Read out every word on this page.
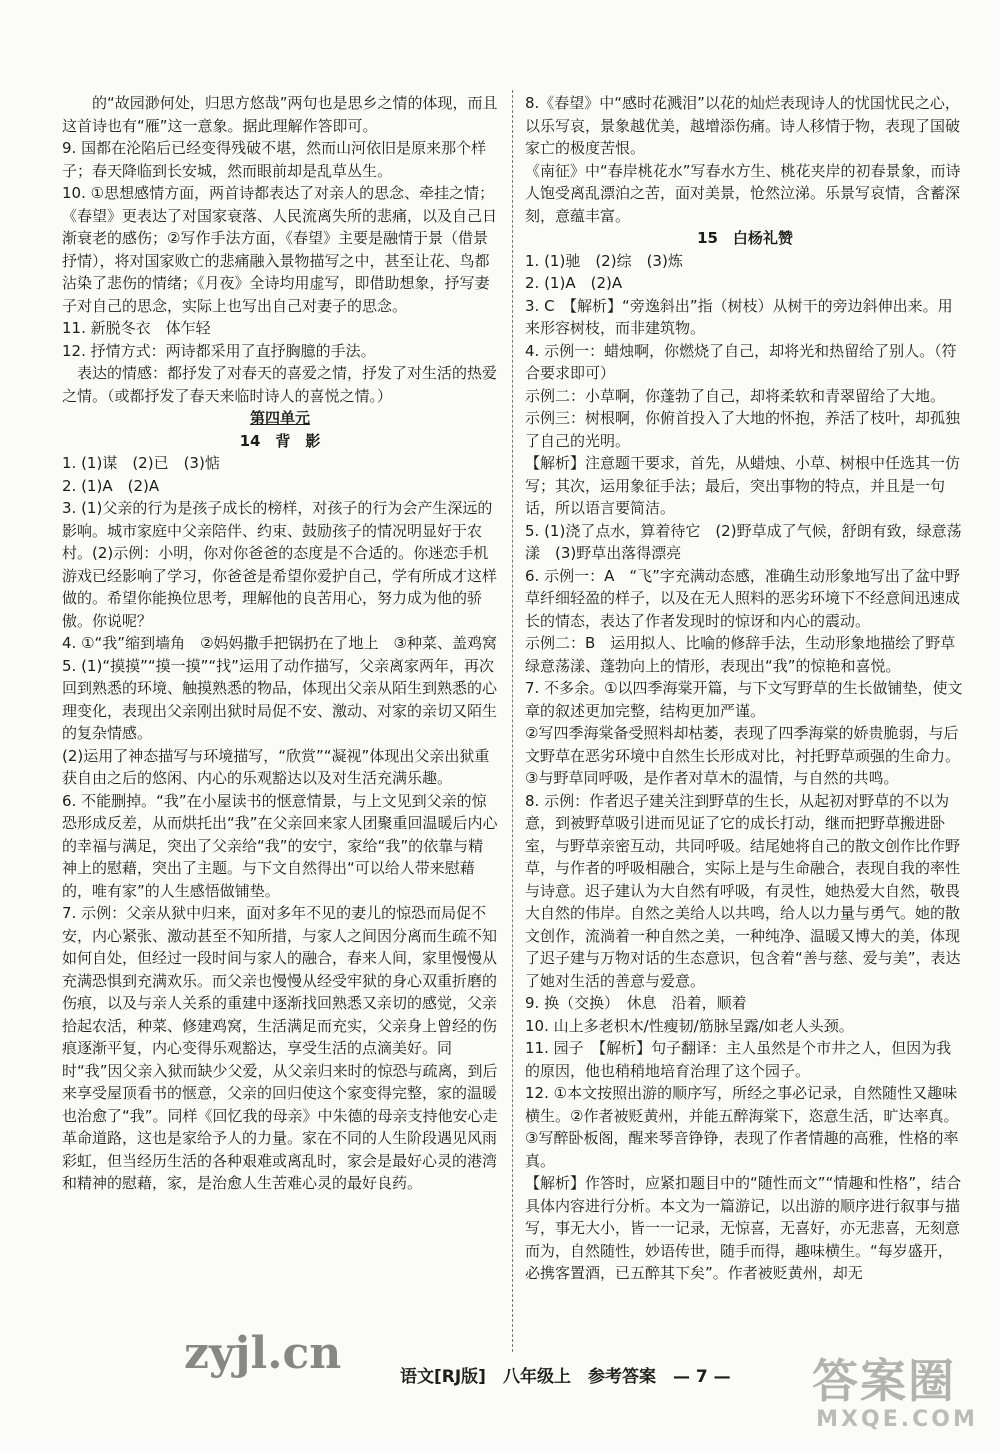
　　的“故园渺何处，归思方悠哉”两句也是思乡之情的体现，而且
这首诗也有“雁”这一意象。据此理解作答即可。
9. 国都在沦陷后已经变得残破不堪，然而山河依旧是原来那个样子；春天降临到长安城，然而眼前却是乱草丛生。
10. ①思想感情方面，两首诗都表达了对亲人的思念、牵挂之情；《春望》更表达了对国家衰落、人民流离失所的悲痛，以及自己日渐衰老的感伤；②写作手法方面，《春望》主要是融情于景（借景抒情），将对国家败亡的悲痛融入景物描写之中，甚至让花、鸟都沾染了悲伤的情绪；《月夜》全诗均用虚写，即借助想象，抒写妻子对自己的思念，实际上也写出自己对妻子的思念。
11. 新脱冬衣　体乍轻
12. 抒情方式：两诗都采用了直抒胸臆的手法。
　表达的情感：都抒发了对春天的喜爱之情，抒发了对生活的热爱之情。（或都抒发了春天来临时诗人的喜悦之情。）
第四单元
14　背　影
1. (1)谋　(2)已　(3)惦
2. (1)A　(2)A
3. (1)父亲的行为是孩子成长的榜样，对孩子的行为会产生深远的影响。城市家庭中父亲陪伴、约束、鼓励孩子的情况明显好于农村。(2)示例：小明，你对你爸爸的态度是不合适的。你迷恋手机游戏已经影响了学习，你爸爸是希望你爱护自己，学有所成才这样做的。希望你能换位思考，理解他的良苦用心，努力成为他的骄傲。你说呢？
4. ①“我”缩到墙角　②妈妈撒手把锅扔在了地上　③种菜、盖鸡窝
5. (1)“摸摸”“摸一摸”“找”运用了动作描写，父亲离家两年，再次回到熟悉的环境、触摸熟悉的物品，体现出父亲从陌生到熟悉的心理变化，表现出父亲刚出狱时局促不安、激动、对家的亲切又陌生的复杂情感。
(2)运用了神态描写与环境描写，“欣赏”“凝视”体现出父亲出狱重获自由之后的悠闲、内心的乐观豁达以及对生活充满乐趣。
6. 不能删掉。“我”在小屋读书的惬意情景，与上文见到父亲的惊恐形成反差，从而烘托出“我”在父亲回来家人团聚重回温暖后内心的幸福与满足，突出了父亲给“我”的安宁，家给“我”的依靠与精神上的慰藉，突出了主题。与下文自然得出“可以给人带来慰藉的，唯有家”的人生感悟做铺垫。
7. 示例：父亲从狱中归来，面对多年不见的妻儿的惊恐而局促不安，内心紧张、激动甚至不知所措，与家人之间因分离而生疏不知如何自处，但经过一段时间与家人的融合，春来人间，家里慢慢从充满恐惧到充满欢乐。而父亲也慢慢从经受牢狱的身心双重折磨的伤痕，以及与亲人关系的重建中逐渐找回熟悉又亲切的感觉，父亲拾起农活，种菜、修建鸡窝，生活满足而充实，父亲身上曾经的伤痕逐渐平复，内心变得乐观豁达，享受生活的点滴美好。同时“我”因父亲入狱而缺少父爱，从父亲归来时的惊恐与疏离，到后来享受屋顶看书的惬意，父亲的回归使这个家变得完整，家的温暖也治愈了“我”。同样《回忆我的母亲》中朱德的母亲支持他安心走革命道路，这也是家给予人的力量。家在不同的人生阶段遇见风雨彩虹，但当经历生活的各种艰难或离乱时，家会是最好心灵的港湾和精神的慰藉，家，是治愈人生苦难心灵的最好良药。
8.《春望》中“感时花溅泪”以花的灿烂表现诗人的忧国忧民之心，以乐写哀，景象越优美，越增添伤痛。诗人移情于物，表现了国破家亡的极度苦恨。
《南征》中“春岸桃花水”写春水方生、桃花夹岸的初春景象，而诗人饱受离乱漂泊之苦，面对美景，怆然泣涕。乐景写哀情，含蓄深刻，意蕴丰富。
15　白杨礼赞
1. (1)驰　(2)综　(3)炼
2. (1)A　(2)A
3. C　【解析】“旁逸斜出”指（树枝）从树干的旁边斜伸出来。用来形容树枝，而非建筑物。
4. 示例一：蜡烛啊，你燃烧了自己，却将光和热留给了别人。（符合要求即可）
示例二：小草啊，你蓬勃了自己，却将柔软和青翠留给了大地。
示例三：树根啊，你俯首投入了大地的怀抱，养活了枝叶，却孤独了自己的光明。
【解析】注意题干要求，首先，从蜡烛、小草、树根中任选其一仿写；其次，运用象征手法；最后，突出事物的特点，并且是一句话，所以语言要简洁。
5. (1)浇了点水，算着待它　(2)野草成了气候，舒朗有致，绿意荡漾　(3)野草出落得漂亮
6. 示例一：A　“飞”字充满动态感，准确生动形象地写出了盆中野草纤细轻盈的样子，以及在无人照料的恶劣环境下不经意间迅速成长的情态，表达了作者发现时的惊讶和内心的震动。
示例二：B　运用拟人、比喻的修辞手法，生动形象地描绘了野草绿意荡漾、蓬勃向上的情形，表现出“我”的惊艳和喜悦。
7. 不多余。①以四季海棠开篇，与下文写野草的生长做铺垫，使文章的叙述更加完整，结构更加严谨。
②写四季海棠备受照料却枯萎，表现了四季海棠的娇贵脆弱，与后文野草在恶劣环境中自然生长形成对比，衬托野草顽强的生命力。
③与野草同呼吸，是作者对草木的温情，与自然的共鸣。
8. 示例：作者迟子建关注到野草的生长，从起初对野草的不以为意，到被野草吸引进而见证了它的成长打动，继而把野草搬进卧室，与野草亲密互动，共同呼吸。结尾她将自己的散文创作比作野草，与作者的呼吸相融合，实际上是与生命融合，表现自我的率性与诗意。迟子建认为大自然有呼吸，有灵性，她热爱大自然，敬畏大自然的伟岸。自然之美给人以共鸣，给人以力量与勇气。她的散文创作，流淌着一种自然之美，一种纯净、温暖又博大的美，体现了迟子建与万物对话的生态意识，包含着“善与慈、爱与美”，表达了她对生活的善意与爱意。
9. 换（交换）　休息　沿着，顺着
10. 山上多老枳木/性瘦韧/筋脉呈露/如老人头颈。
11. 园子　【解析】句子翻译：主人虽然是个市井之人，但因为我的原因，他也稍稍地培育治理了这个园子。
12. ①本文按照出游的顺序写，所经之事必记录，自然随性又趣味横生。②作者被贬黄州，并能五醉海棠下，恣意生活，旷达率真。③写醉卧板阁，醒来琴音铮铮，表现了作者情趣的高雅，性格的率真。
【解析】作答时，应紧扣题目中的“随性而文”“情趣和性格”，结合具体内容进行分析。本文为一篇游记，以出游的顺序进行叙事与描写，事无大小，皆一一记录，无惊喜，无喜好，亦无悲喜，无刻意而为，自然随性，妙语传世，随手而得，趣味横生。“每岁盛开，必携客置酒，已五醉其下矣”。作者被贬黄州，却无
语文[RJ版]　八年级上　参考答案　— 7 —
zyjl.cn
答案圈
MXQE.COM
